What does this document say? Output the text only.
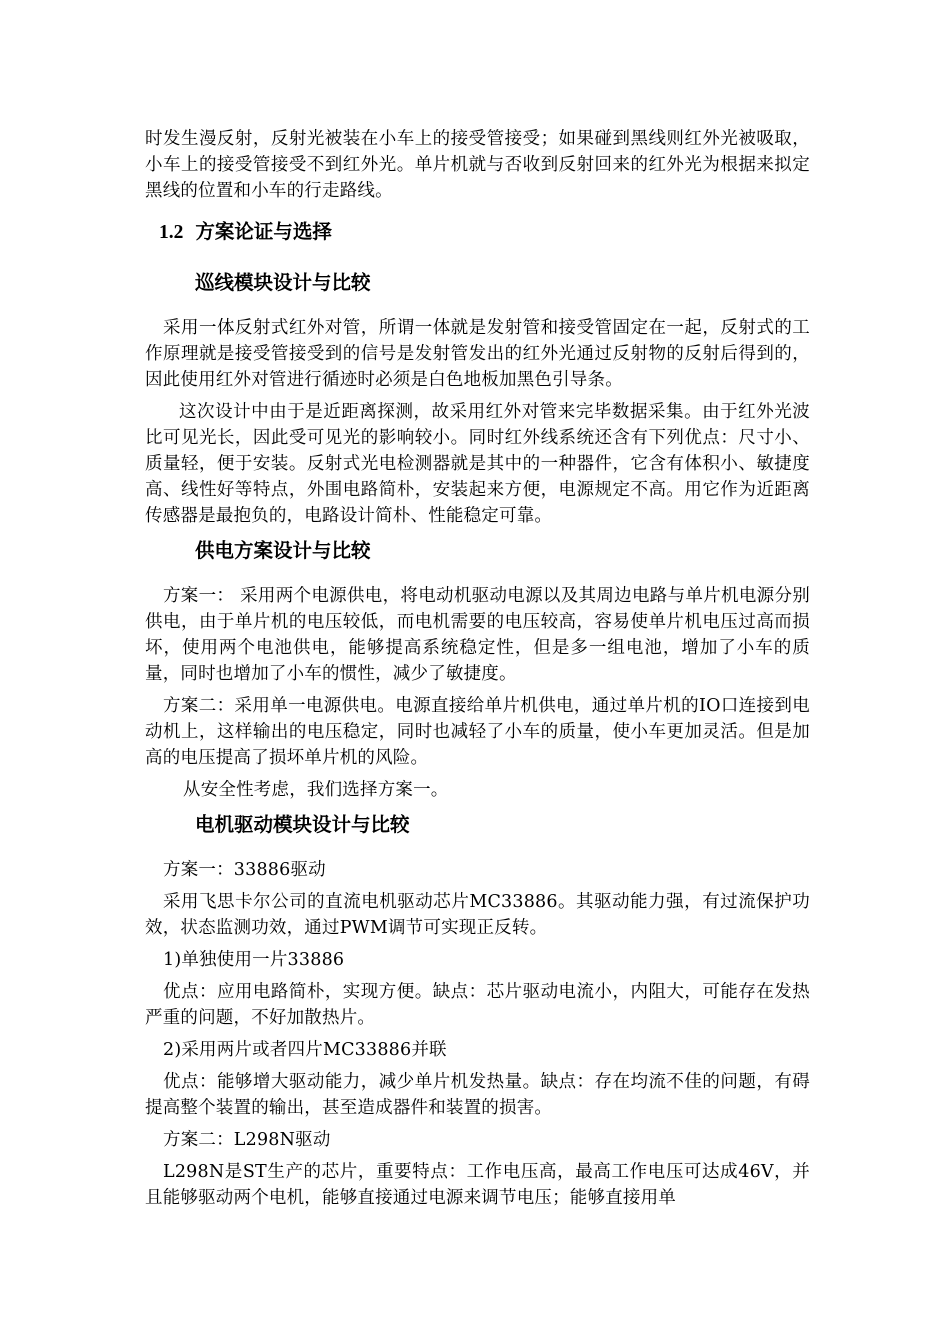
时发生漫反射，反射光被装在小车上的接受管接受；如果碰到黑线则红外光被吸取，小车上的接受管接受不到红外光。单片机就与否收到反射回来的红外光为根据来拟定黑线的位置和小车的行走路线。

1.2 方案论证与选择
巡线模块设计与比较

采用一体反射式红外对管，所谓一体就是发射管和接受管固定在一起，反射式的工作原理就是接受管接受到的信号是发射管发出的红外光通过反射物的反射后得到的，因此使用红外对管进行循迹时必须是白色地板加黑色引导条。

这次设计中由于是近距离探测，故采用红外对管来完毕数据采集。由于红外光波比可见光长，因此受可见光的影响较小。同时红外线系统还含有下列优点：尺寸小、质量轻，便于安装。反射式光电检测器就是其中的一种器件，它含有体积小、敏捷度高、线性好等特点，外围电路简朴，安装起来方便，电源规定不高。用它作为近距离传感器是最抱负的，电路设计简朴、性能稳定可靠。

供电方案设计与比较

方案一： 采用两个电源供电，将电动机驱动电源以及其周边电路与单片机电源分别供电，由于单片机的电压较低，而电机需要的电压较高，容易使单片机电压过高而损坏，使用两个电池供电，能够提高系统稳定性，但是多一组电池，增加了小车的质量，同时也增加了小车的惯性，减少了敏捷度。

方案二：采用单一电源供电。电源直接给单片机供电，通过单片机的IO口连接到电动机上，这样输出的电压稳定，同时也减轻了小车的质量，使小车更加灵活。但是加高的电压提高了损坏单片机的风险。

从安全性考虑，我们选择方案一。

电机驱动模块设计与比较

方案一：33886驱动

采用飞思卡尔公司的直流电机驱动芯片MC33886。其驱动能力强，有过流保护功效，状态监测功效，通过PWM调节可实现正反转。

1)单独使用一片33886

优点：应用电路简朴，实现方便。缺点：芯片驱动电流小，内阻大，可能存在发热严重的问题，不好加散热片。

2)采用两片或者四片MC33886并联

优点：能够增大驱动能力，减少单片机发热量。缺点：存在均流不佳的问题，有碍提高整个装置的输出，甚至造成器件和装置的损害。

方案二：L298N驱动

L298N是ST生产的芯片，重要特点：工作电压高，最高工作电压可达成46V，并且能够驱动两个电机，能够直接通过电源来调节电压；能够直接用单
